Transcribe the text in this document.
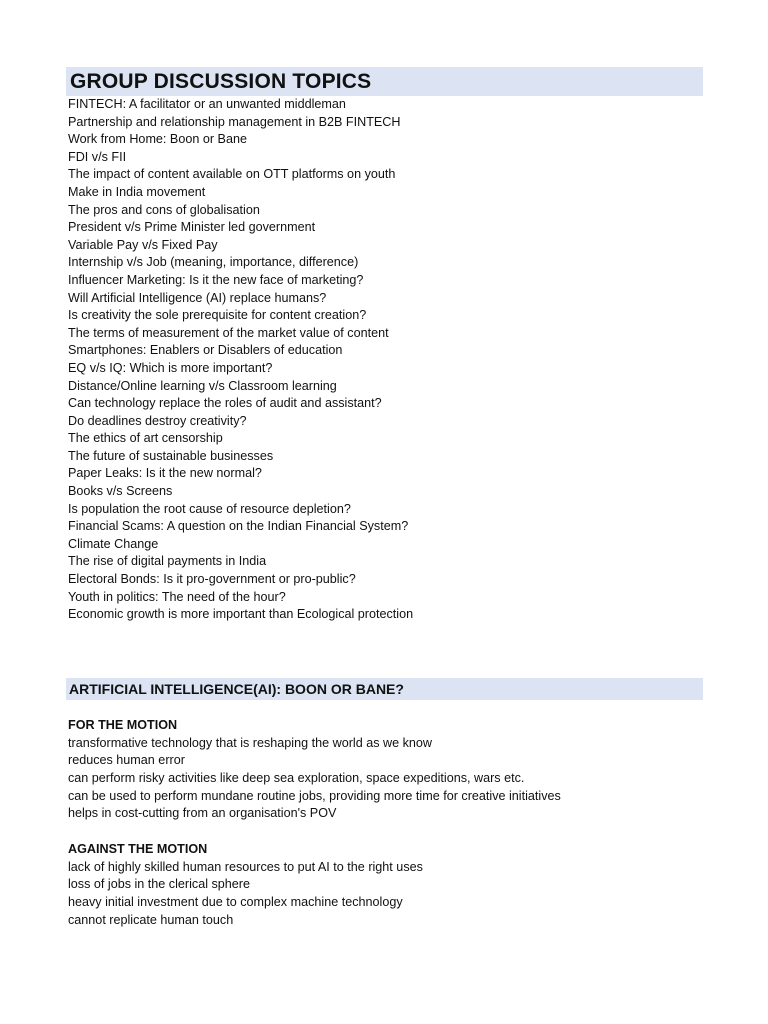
GROUP DISCUSSION TOPICS
FINTECH: A facilitator or an unwanted middleman
Partnership and relationship management in B2B FINTECH
Work from Home: Boon or Bane
FDI v/s FII
The impact of content available on OTT platforms on youth
Make in India movement
The pros and cons of globalisation
President v/s Prime Minister led government
Variable Pay v/s Fixed Pay
Internship v/s Job (meaning, importance, difference)
Influencer Marketing: Is it the new face of marketing?
Will Artificial Intelligence (AI) replace humans?
Is creativity the sole prerequisite for content creation?
The terms of measurement of the market value of content
Smartphones: Enablers or Disablers of education
EQ v/s IQ: Which is more important?
Distance/Online learning v/s Classroom learning
Can technology replace the roles of audit and assistant?
Do deadlines destroy creativity?
The ethics of art censorship
The future of sustainable businesses
Paper Leaks: Is it the new normal?
Books v/s Screens
Is population the root cause of resource depletion?
Financial Scams: A question on the Indian Financial System?
Climate Change
The rise of digital payments in India
Electoral Bonds: Is it pro-government or pro-public?
Youth in politics: The need of the hour?
Economic growth is more important than Ecological protection
ARTIFICIAL INTELLIGENCE(AI): BOON OR BANE?
FOR THE MOTION
transformative technology that is reshaping the world as we know
reduces human error
can perform risky activities like deep sea exploration, space expeditions, wars etc.
can be used to perform mundane routine jobs, providing more time for creative initiatives
helps in cost-cutting from an organisation's POV
AGAINST THE MOTION
lack of highly skilled human resources to put AI to the right uses
loss of jobs in the clerical sphere
heavy initial investment due to complex machine technology
cannot replicate human touch
